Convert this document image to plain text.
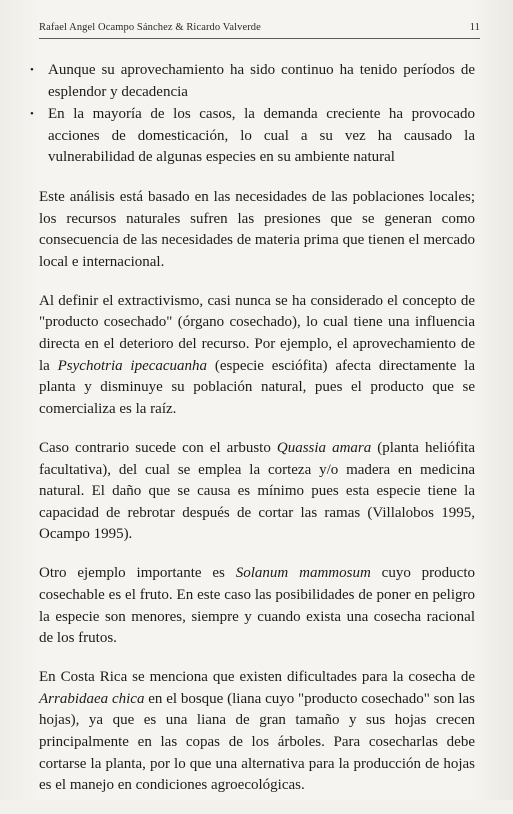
Rafael Angel Ocampo Sánchez & Ricardo Valverde	11
• Aunque su aprovechamiento ha sido continuo ha tenido períodos de esplendor y decadencia
• En la mayoría de los casos, la demanda creciente ha provocado acciones de domesticación, lo cual a su vez ha causado la vulnerabilidad de algunas especies en su ambiente natural

Este análisis está basado en las necesidades de las poblaciones locales; los recursos naturales sufren las presiones que se generan como consecuencia de las necesidades de materia prima que tienen el mercado local e internacional.

Al definir el extractivismo, casi nunca se ha considerado el concepto de "producto cosechado" (órgano cosechado), lo cual tiene una influencia directa en el deterioro del recurso. Por ejemplo, el aprovechamiento de la Psychotria ipecacuanha (especie esciófita) afecta directamente la planta y disminuye su población natural, pues el producto que se comercializa es la raíz.

Caso contrario sucede con el arbusto Quassia amara (planta heliófita facultativa), del cual se emplea la corteza y/o madera en medicina natural. El daño que se causa es mínimo pues esta especie tiene la capacidad de rebrotar después de cortar las ramas (Villalobos 1995, Ocampo 1995).

Otro ejemplo importante es Solanum mammosum cuyo producto cosechable es el fruto. En este caso las posibilidades de poner en peligro la especie son menores, siempre y cuando exista una cosecha racional de los frutos.

En Costa Rica se menciona que existen dificultades para la cosecha de Arrabidaea chica en el bosque (liana cuyo "producto cosechado" son las hojas), ya que es una liana de gran tamaño y sus hojas crecen principalmente en las copas de los árboles. Para cosecharlas debe cortarse la planta, por lo que una alternativa para la producción de hojas es el manejo en condiciones agroecológicas.
